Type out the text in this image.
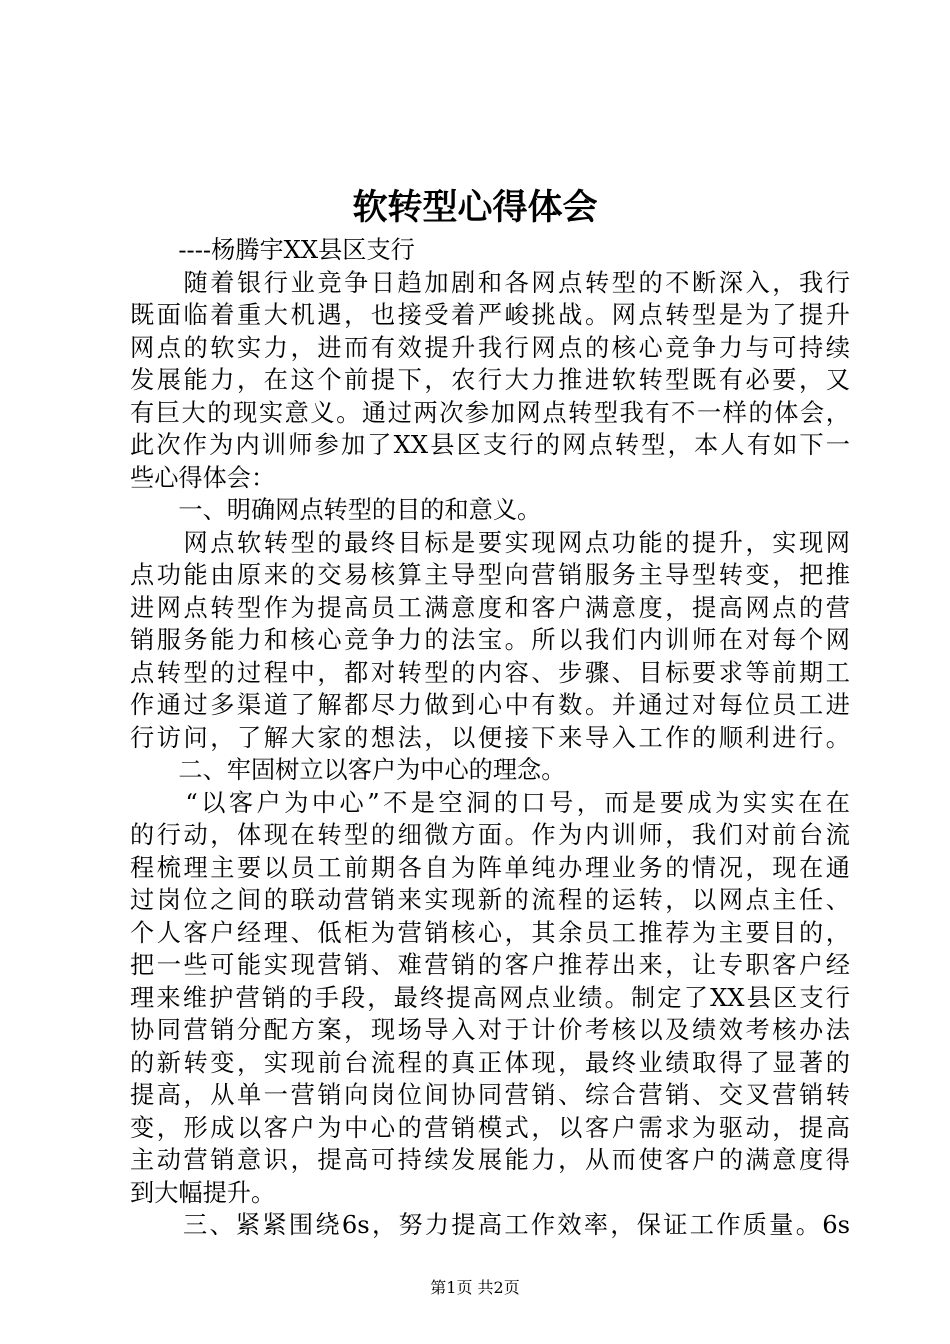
软转型心得体会
　　----杨腾宇XX县区支行
　　随着银行业竞争日趋加剧和各网点转型的不断深入，我行
既面临着重大机遇，也接受着严峻挑战。网点转型是为了提升
网点的软实力，进而有效提升我行网点的核心竞争力与可持续
发展能力，在这个前提下，农行大力推进软转型既有必要，又
有巨大的现实意义。通过两次参加网点转型我有不一样的体会，
此次作为内训师参加了XX县区支行的网点转型，本人有如下一
些心得体会：
　　一、明确网点转型的目的和意义。
　　网点软转型的最终目标是要实现网点功能的提升，实现网
点功能由原来的交易核算主导型向营销服务主导型转变，把推
进网点转型作为提高员工满意度和客户满意度，提高网点的营
销服务能力和核心竞争力的法宝。所以我们内训师在对每个网
点转型的过程中，都对转型的内容、步骤、目标要求等前期工
作通过多渠道了解都尽力做到心中有数。并通过对每位员工进
行访问，了解大家的想法，以便接下来导入工作的顺利进行。
　　二、牢固树立以客户为中心的理念。
　　“以客户为中心”不是空洞的口号，而是要成为实实在在
的行动，体现在转型的细微方面。作为内训师，我们对前台流
程梳理主要以员工前期各自为阵单纯办理业务的情况，现在通
过岗位之间的联动营销来实现新的流程的运转，以网点主任、
个人客户经理、低柜为营销核心，其余员工推荐为主要目的，
把一些可能实现营销、难营销的客户推荐出来，让专职客户经
理来维护营销的手段，最终提高网点业绩。制定了XX县区支行
协同营销分配方案，现场导入对于计价考核以及绩效考核办法
的新转变，实现前台流程的真正体现，最终业绩取得了显著的
提高，从单一营销向岗位间协同营销、综合营销、交叉营销转
变，形成以客户为中心的营销模式，以客户需求为驱动，提高
主动营销意识，提高可持续发展能力，从而使客户的满意度得
到大幅提升。
　　三、紧紧围绕6s，努力提高工作效率，保证工作质量。6s
第1页 共2页
